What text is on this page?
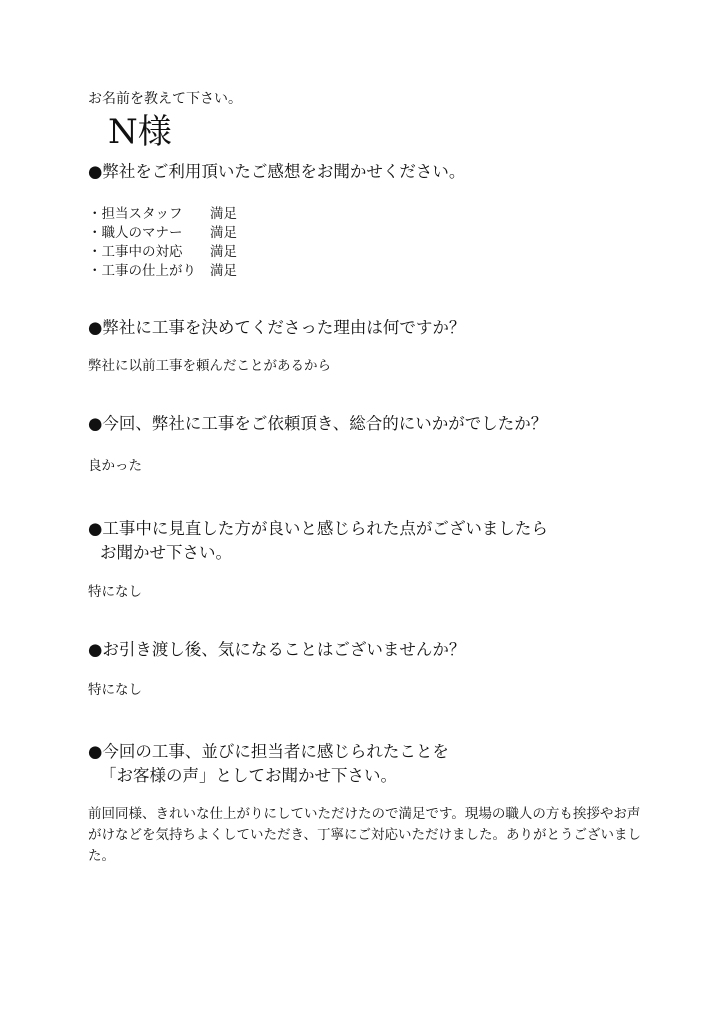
お名前を教えて下さい。
N様
●弊社をご利用頂いたご感想をお聞かせください。
・担当スタッフ 満足
・職人のマナー 満足
・工事中の対応 満足
・工事の仕上がり 満足
●弊社に工事を決めてくださった理由は何ですか？
弊社に以前工事を頼んだことがあるから
●今回、弊社に工事をご依頼頂き、総合的にいかがでしたか？
良かった
●工事中に見直した方が良いと感じられた点がございましたら
お聞かせ下さい。
特になし
●お引き渡し後、気になることはございませんか？
特になし
●今回の工事、並びに担当者に感じられたことを
「お客様の声」としてお聞かせ下さい。
前回同様、きれいな仕上がりにしていただけたので満足です。現場の職人の方も挨拶やお声がけなどを気持ちよくしていただき、丁寧にご対応いただけました。ありがとうございました。
